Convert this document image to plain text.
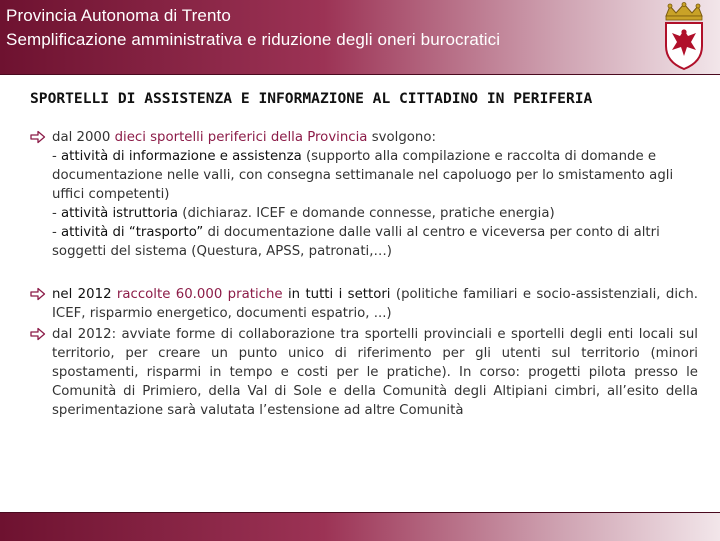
Provincia Autonoma di Trento
Semplificazione amministrativa e riduzione degli oneri burocratici

SPORTELLI DI ASSISTENZA E INFORMAZIONE AL CITTADINO IN PERIFERIA

dal 2000 dieci sportelli periferici della Provincia svolgono:
- attività di informazione e assistenza (supporto alla compilazione e raccolta di domande e documentazione nelle valli, con consegna settimanale nel capoluogo per lo smistamento agli uffici competenti)
- attività istruttoria (dichiaraz. ICEF e domande connesse, pratiche energia)
- attività di “trasporto” di documentazione dalle valli al centro e viceversa per conto di altri soggetti del sistema (Questura, APSS, patronati,…)
nel 2012 raccolte 60.000 pratiche in tutti i settori (politiche familiari e socio-assistenziali, dich. ICEF, risparmio energetico, documenti espatrio, ...)
dal 2012: avviate forme di collaborazione tra sportelli provinciali e sportelli degli enti locali sul territorio, per creare un punto unico di riferimento per gli utenti sul territorio (minori spostamenti, risparmi in tempo e costi per le pratiche). In corso: progetti pilota presso le Comunità di Primiero, della Val di Sole e della Comunità degli Altipiani cimbri, all’esito della sperimentazione sarà valutata l’estensione ad altre Comunità
